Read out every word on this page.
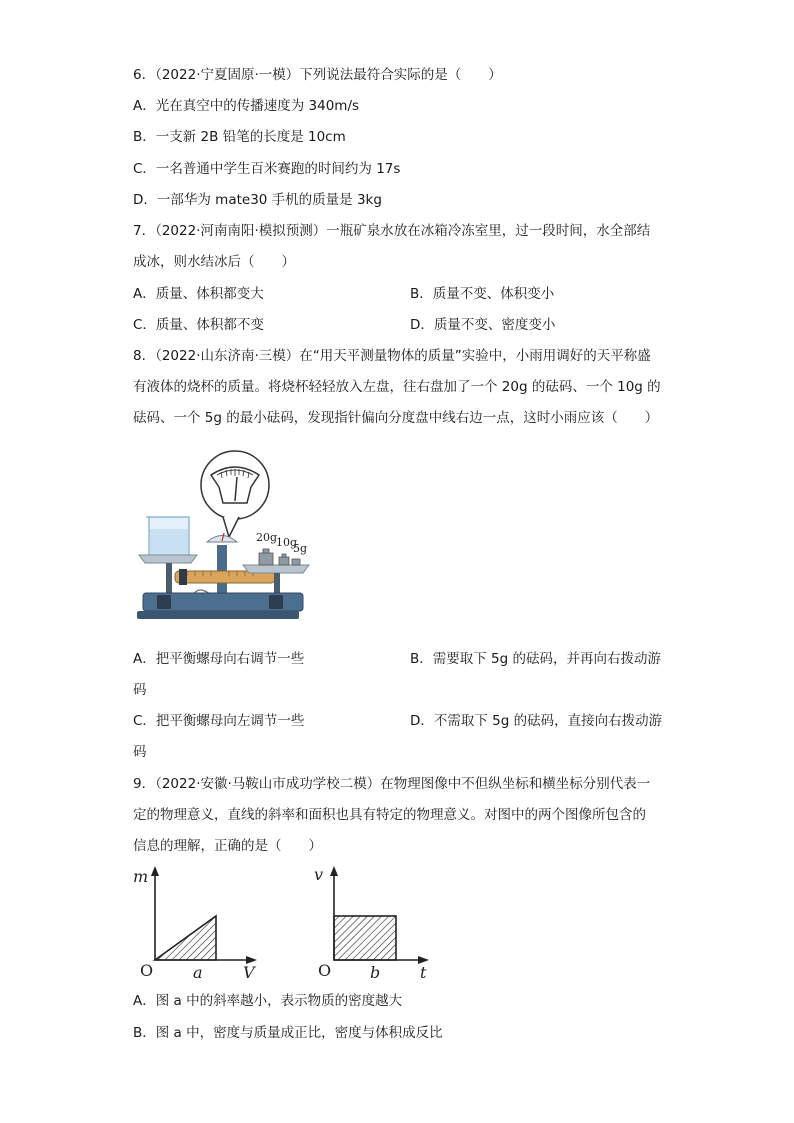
6．（2022·宁夏固原·一模）下列说法最符合实际的是（　　）
A．光在真空中的传播速度为 340m/s
B．一支新 2B 铅笔的长度是 10cm
C．一名普通中学生百米赛跑的时间约为 17s
D．一部华为 mate30 手机的质量是 3kg
7．（2022·河南南阳·模拟预测）一瓶矿泉水放在冰箱冷冻室里，过一段时间，水全部结
成冰，则水结冰后（　　）
A．质量、体积都变大	B．质量不变、体积变小
C．质量、体积都不变	D．质量不变、密度变小
8．（2022·山东济南·三模）在“用天平测量物体的质量”实验中，小雨用调好的天平称盛
有液体的烧杯的质量。将烧杯轻轻放入左盘，往右盘加了一个 20g 的砝码、一个 10g 的
砝码、一个 5g 的最小砝码，发现指针偏向分度盘中线右边一点，这时小雨应该（　　）
20g
10g
5g
A．把平衡螺母向右调节一些	B．需要取下 5g 的砝码，并再向右拨动游
码
C．把平衡螺母向左调节一些	D．不需取下 5g 的砝码，直接向右拨动游
码
9．（2022·安徽·马鞍山市成功学校二模）在物理图像中不但纵坐标和横坐标分别代表一
定的物理意义，直线的斜率和面积也具有特定的物理意义。对图中的两个图像所包含的
信息的理解，正确的是（　　）
m
O a	V
v
O b t
A．图 a 中的斜率越小，表示物质的密度越大
B．图 a 中，密度与质量成正比，密度与体积成反比
